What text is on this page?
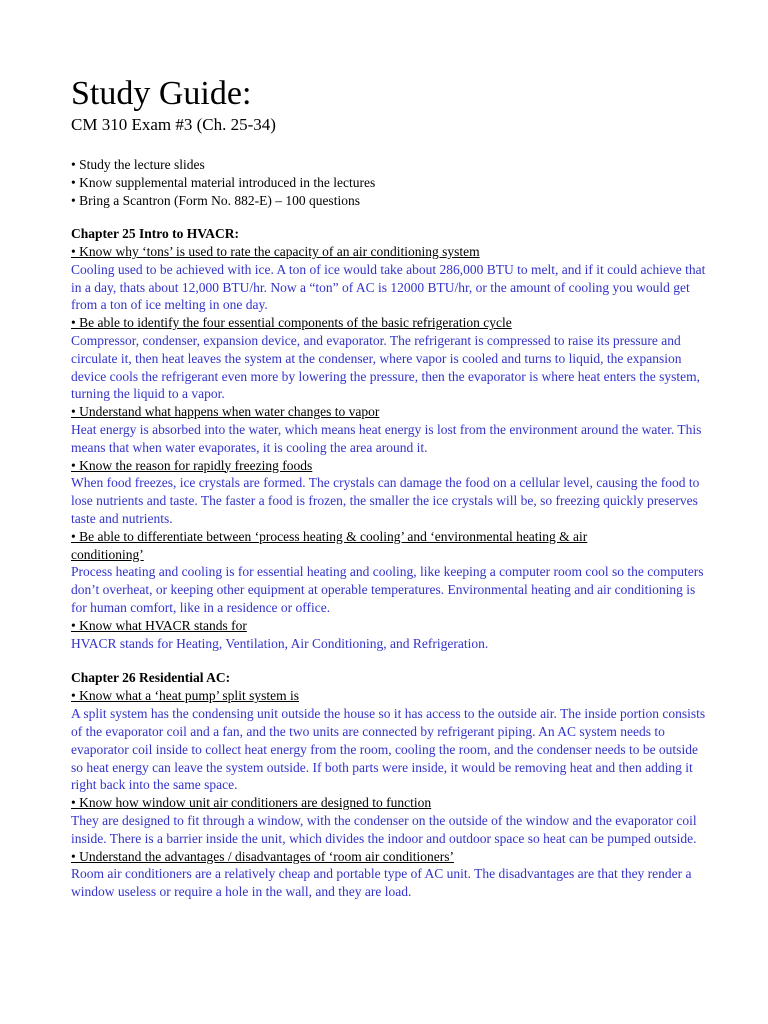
Study Guide:
CM 310 Exam #3 (Ch. 25-34)
• Study the lecture slides
• Know supplemental material introduced in the lectures
• Bring a Scantron (Form No. 882-E) – 100 questions
Chapter 25 Intro to HVACR:
• Know why ‘tons’ is used to rate the capacity of an air conditioning system
Cooling used to be achieved with ice. A ton of ice would take about 286,000 BTU to melt, and if it could achieve that in a day, thats about 12,000 BTU/hr. Now a “ton” of AC is 12000 BTU/hr, or the amount of cooling you would get from a ton of ice melting in one day.
• Be able to identify the four essential components of the basic refrigeration cycle
Compressor, condenser, expansion device, and evaporator. The refrigerant is compressed to raise its pressure and circulate it, then heat leaves the system at the condenser, where vapor is cooled and turns to liquid, the expansion device cools the refrigerant even more by lowering the pressure, then the evaporator is where heat enters the system, turning the liquid to a vapor.
• Understand what happens when water changes to vapor
Heat energy is absorbed into the water, which means heat energy is lost from the environment around the water. This means that when water evaporates, it is cooling the area around it.
• Know the reason for rapidly freezing foods
When food freezes, ice crystals are formed. The crystals can damage the food on a cellular level, causing the food to lose nutrients and taste. The faster a food is frozen, the smaller the ice crystals will be, so freezing quickly preserves taste and nutrients.
• Be able to differentiate between ‘process heating & cooling’ and ‘environmental heating & air conditioning’
Process heating and cooling is for essential heating and cooling, like keeping a computer room cool so the computers don’t overheat, or keeping other equipment at operable temperatures. Environmental heating and air conditioning is for human comfort, like in a residence or office.
• Know what HVACR stands for
HVACR stands for Heating, Ventilation, Air Conditioning, and Refrigeration.
Chapter 26 Residential AC:
• Know what a ‘heat pump’ split system is
A split system has the condensing unit outside the house so it has access to the outside air. The inside portion consists of the evaporator coil and a fan, and the two units are connected by refrigerant piping. An AC system needs to evaporator coil inside to collect heat energy from the room, cooling the room, and the condenser needs to be outside so heat energy can leave the system outside. If both parts were inside, it would be removing heat and then adding it right back into the same space.
• Know how window unit air conditioners are designed to function
They are designed to fit through a window, with the condenser on the outside of the window and the evaporator coil inside. There is a barrier inside the unit, which divides the indoor and outdoor space so heat can be pumped outside.
• Understand the advantages / disadvantages of ‘room air conditioners’
Room air conditioners are a relatively cheap and portable type of AC unit. The disadvantages are that they render a window useless or require a hole in the wall, and they are load.
